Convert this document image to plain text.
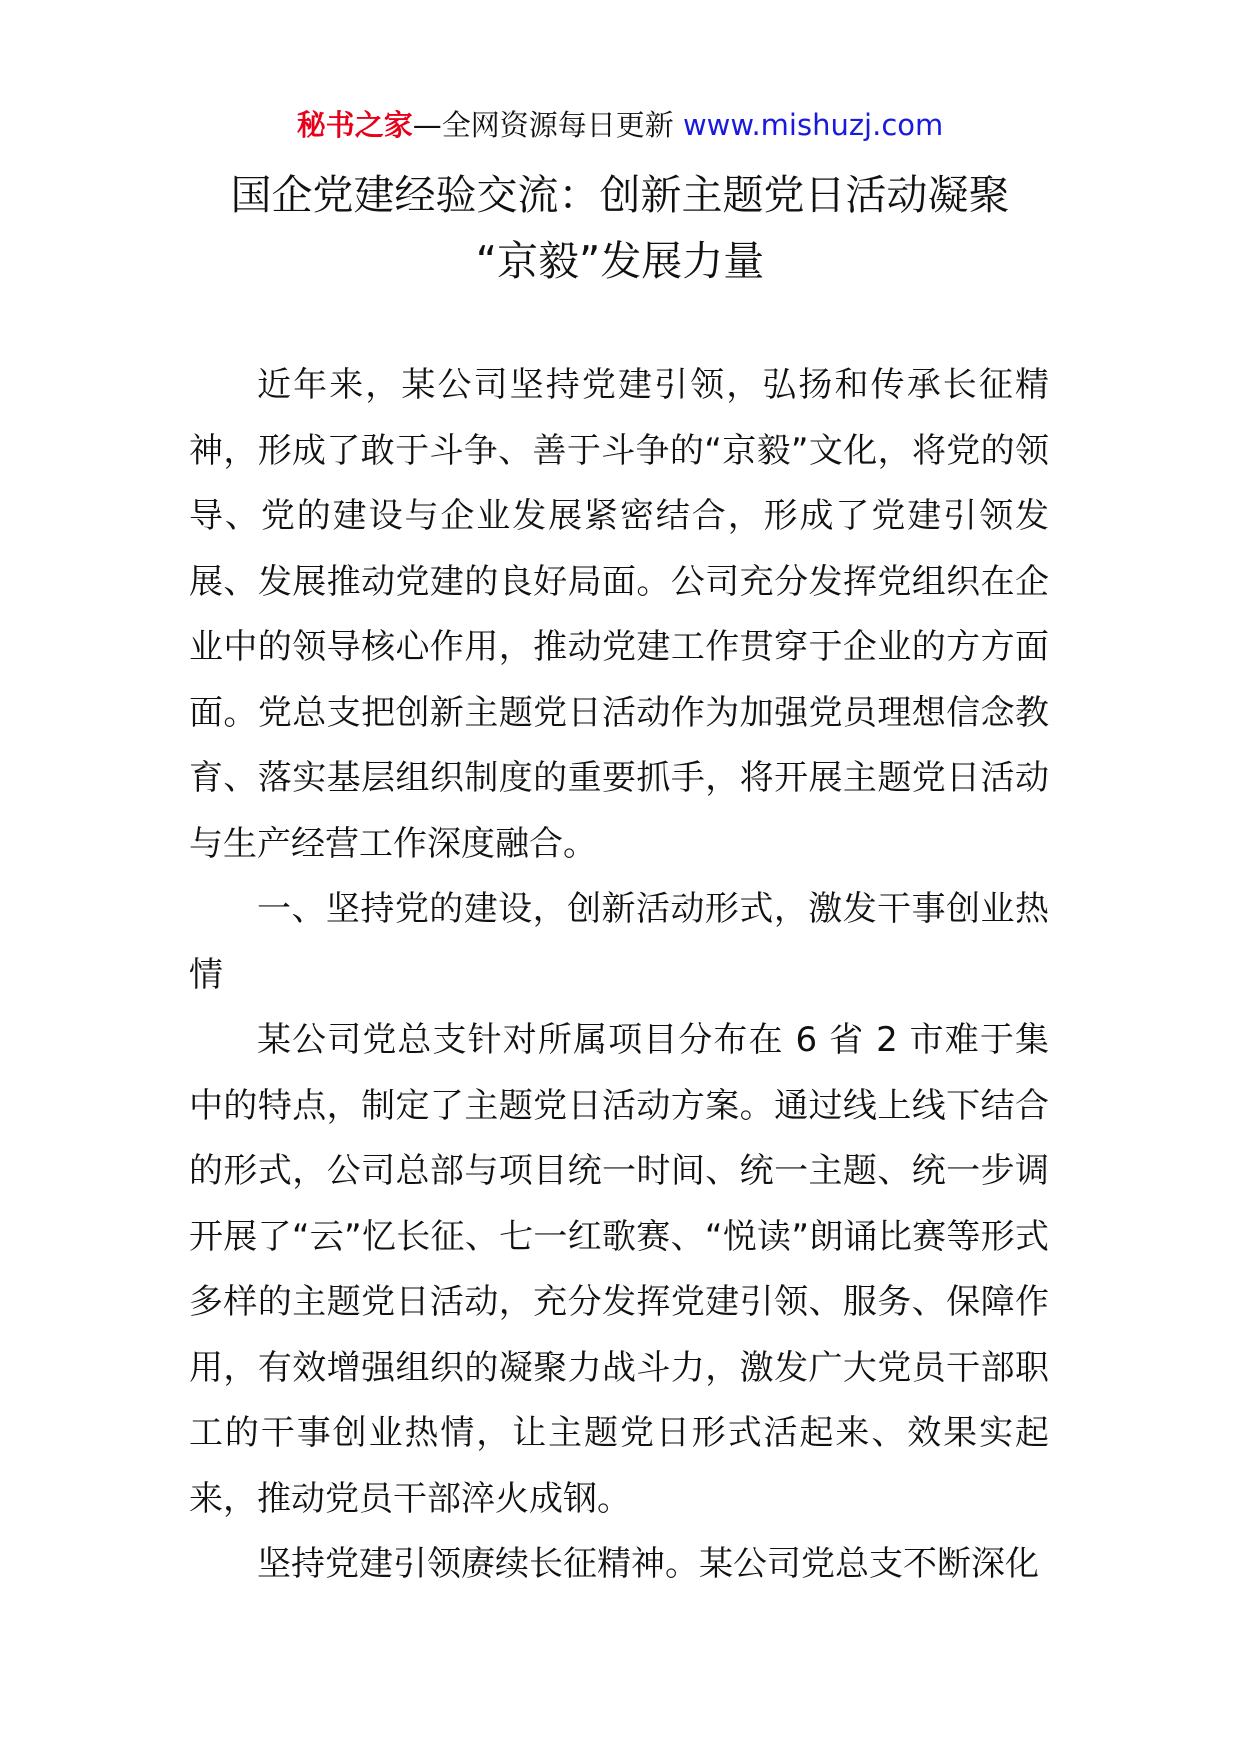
秘书之家—全网资源每日更新 www.mishuzj.com
国企党建经验交流：创新主题党日活动凝聚
“京毅”发展力量

近年来，某公司坚持党建引领，弘扬和传承长征精神，形成了敢于斗争、善于斗争的“京毅”文化，将党的领导、党的建设与企业发展紧密结合，形成了党建引领发展、发展推动党建的良好局面。公司充分发挥党组织在企业中的领导核心作用，推动党建工作贯穿于企业的方方面面。党总支把创新主题党日活动作为加强党员理想信念教育、落实基层组织制度的重要抓手，将开展主题党日活动与生产经营工作深度融合。

一、坚持党的建设，创新活动形式，激发干事创业热情

某公司党总支针对所属项目分布在 6 省 2 市难于集中的特点，制定了主题党日活动方案。通过线上线下结合的形式，公司总部与项目统一时间、统一主题、统一步调开展了“云”忆长征、七一红歌赛、“悦读”朗诵比赛等形式多样的主题党日活动，充分发挥党建引领、服务、保障作用，有效增强组织的凝聚力战斗力，激发广大党员干部职工的干事创业热情，让主题党日形式活起来、效果实起来，推动党员干部淬火成钢。

坚持党建引领赓续长征精神。某公司党总支不断深化
